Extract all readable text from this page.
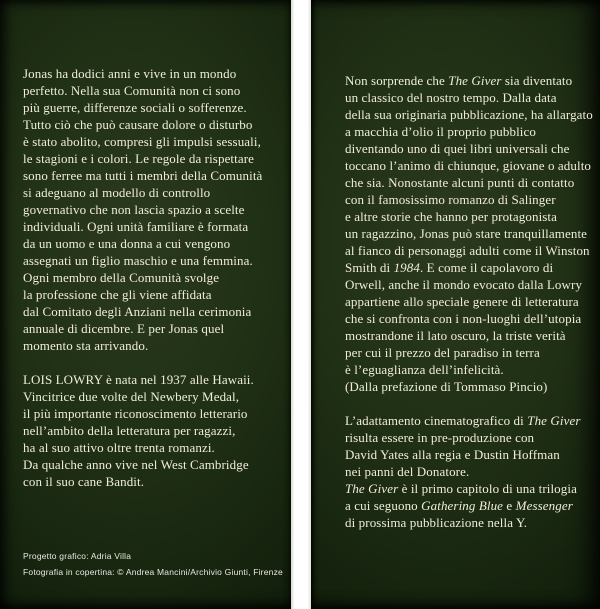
Jonas ha dodici anni e vive in un mondo
perfetto. Nella sua Comunità non ci sono
più guerre, differenze sociali o sofferenze.
Tutto ciò che può causare dolore o disturbo
è stato abolito, compresi gli impulsi sessuali,
le stagioni e i colori. Le regole da rispettare
sono ferree ma tutti i membri della Comunità
si adeguano al modello di controllo
governativo che non lascia spazio a scelte
individuali. Ogni unità familiare è formata
da un uomo e una donna a cui vengono
assegnati un figlio maschio e una femmina.
Ogni membro della Comunità svolge
la professione che gli viene affidata
dal Comitato degli Anziani nella cerimonia
annuale di dicembre. E per Jonas quel
momento sta arrivando.
LOIS LOWRY è nata nel 1937 alle Hawaii.
Vincitrice due volte del Newbery Medal,
il più importante riconoscimento letterario
nell’ambito della letteratura per ragazzi,
ha al suo attivo oltre trenta romanzi.
Da qualche anno vive nel West Cambridge
con il suo cane Bandit.
Progetto grafico: Adria Villa
Fotografia in copertina: © Andrea Mancini/Archivio Giunti, Firenze
Non sorprende che The Giver sia diventato
un classico del nostro tempo. Dalla data
della sua originaria pubblicazione, ha allargato
a macchia d’olio il proprio pubblico
diventando uno di quei libri universali che
toccano l’animo di chiunque, giovane o adulto
che sia. Nonostante alcuni punti di contatto
con il famosissimo romanzo di Salinger
e altre storie che hanno per protagonista
un ragazzino, Jonas può stare tranquillamente
al fianco di personaggi adulti come il Winston
Smith di 1984. E come il capolavoro di
Orwell, anche il mondo evocato dalla Lowry
appartiene allo speciale genere di letteratura
che si confronta con i non-luoghi dell’utopia
mostrandone il lato oscuro, la triste verità
per cui il prezzo del paradiso in terra
è l’eguaglianza dell’infelicità.
(Dalla prefazione di Tommaso Pincio)
L’adattamento cinematografico di The Giver
risulta essere in pre-produzione con
David Yates alla regia e Dustin Hoffman
nei panni del Donatore.
The Giver è il primo capitolo di una trilogia
a cui seguono Gathering Blue e Messenger
di prossima pubblicazione nella Y.
